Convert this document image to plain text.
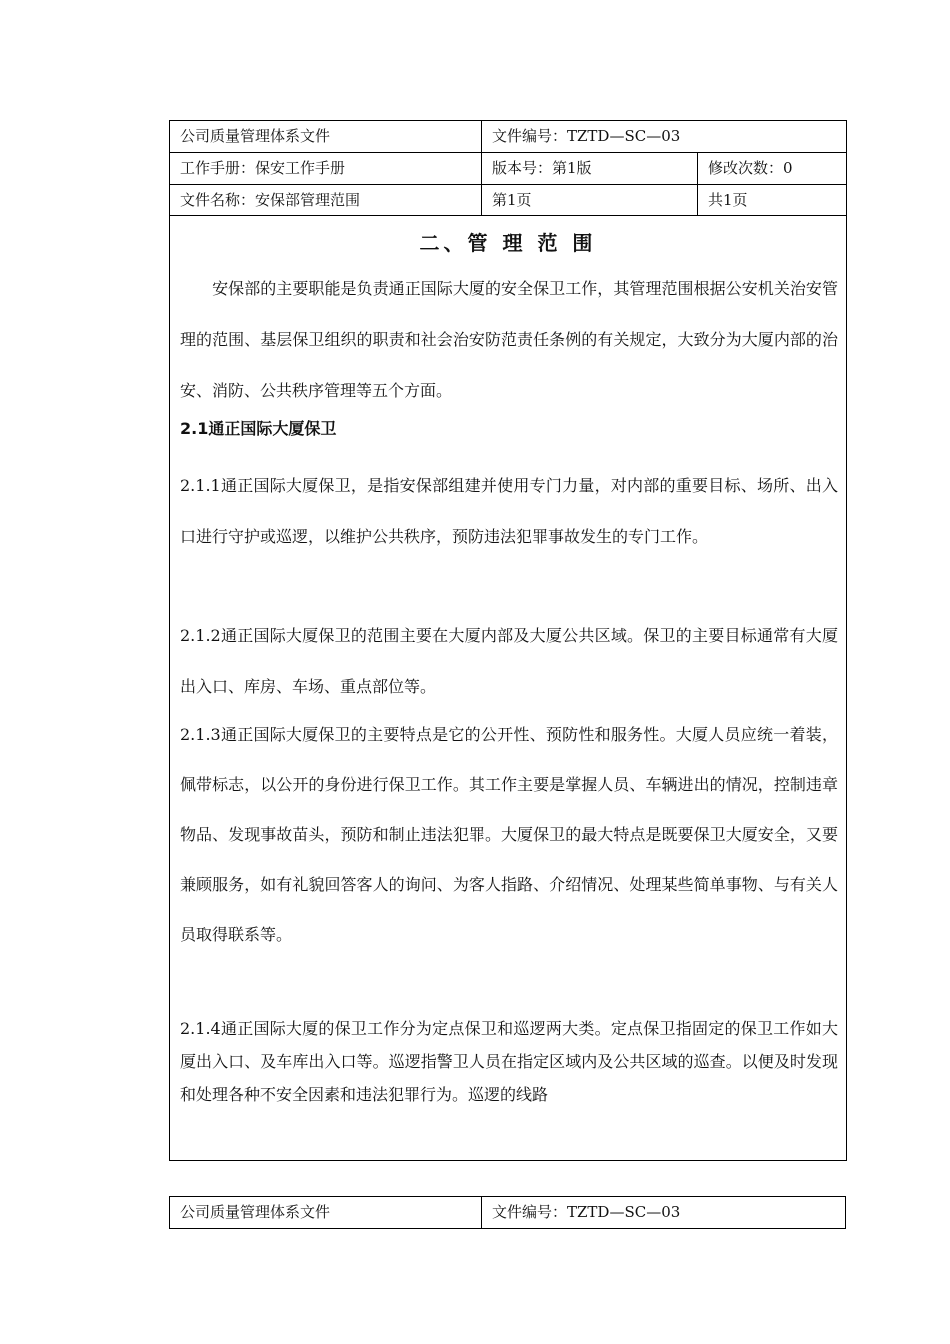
公司质量管理体系文件	文件编号：TZTD—SC—03
工作手册：保安工作手册	版本号：第1版	修改次数：0
文件名称：安保部管理范围	第1页	共1页
二、管 理 范 围

　　安保部的主要职能是负责通正国际大厦的安全保卫工作，其管理范围根据公安机关治安管理的范围、基层保卫组织的职责和社会治安防范责任条例的有关规定，大致分为大厦内部的治安、消防、公共秩序管理等五个方面。

2.1通正国际大厦保卫

2.1.1通正国际大厦保卫，是指安保部组建并使用专门力量，对内部的重要目标、场所、出入口进行守护或巡逻，以维护公共秩序，预防违法犯罪事故发生的专门工作。

2.1.2通正国际大厦保卫的范围主要在大厦内部及大厦公共区域。保卫的主要目标通常有大厦出入口、库房、车场、重点部位等。

2.1.3通正国际大厦保卫的主要特点是它的公开性、预防性和服务性。大厦人员应统一着装，佩带标志，以公开的身份进行保卫工作。其工作主要是掌握人员、车辆进出的情况，控制违章物品、发现事故苗头，预防和制止违法犯罪。大厦保卫的最大特点是既要保卫大厦安全，又要兼顾服务，如有礼貌回答客人的询问、为客人指路、介绍情况、处理某些简单事物、与有关人员取得联系等。

2.1.4通正国际大厦的保卫工作分为定点保卫和巡逻两大类。定点保卫指固定的保卫工作如大厦出入口、及车库出入口等。巡逻指警卫人员在指定区域内及公共区域的巡查。以便及时发现和处理各种不安全因素和违法犯罪行为。巡逻的线路

公司质量管理体系文件	文件编号：TZTD—SC—03
